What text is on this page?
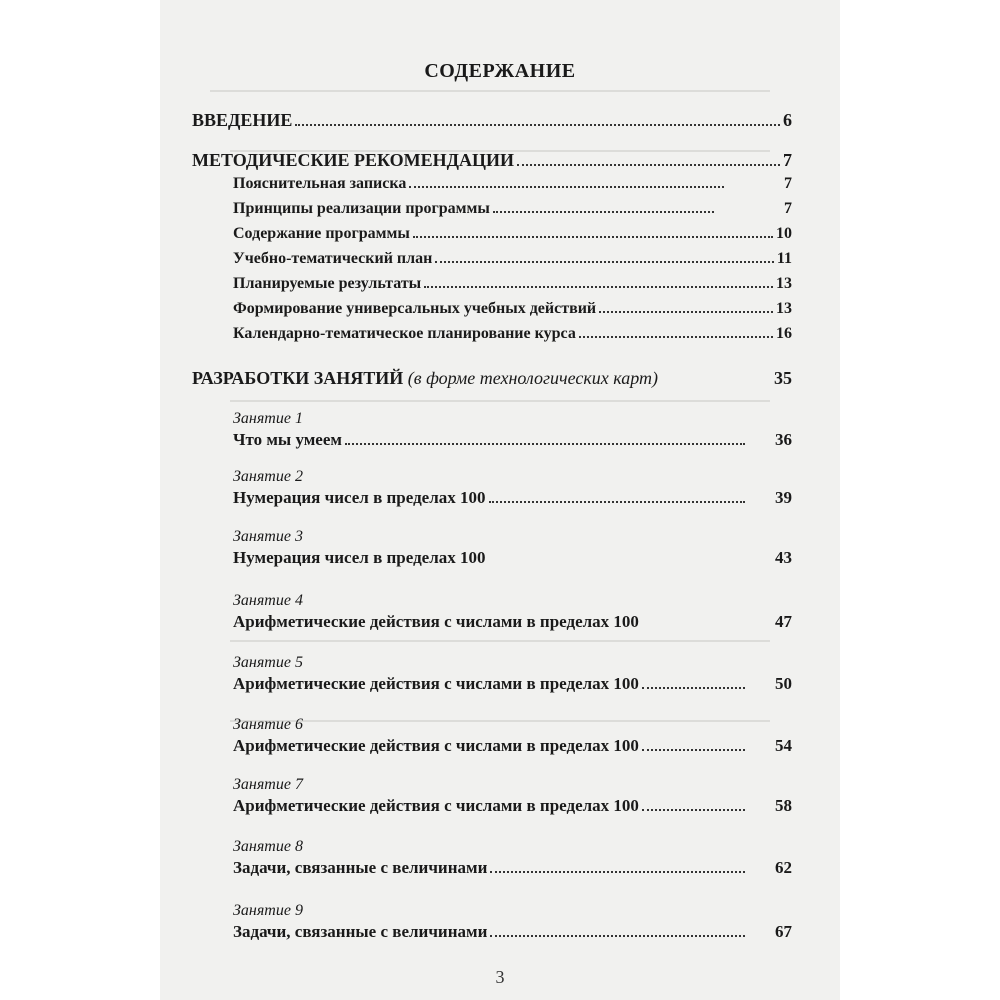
СОДЕРЖАНИЕ
ВВЕДЕНИЕ	6
МЕТОДИЧЕСКИЕ РЕКОМЕНДАЦИИ	7
Пояснительная записка	7
Принципы реализации программы	7
Содержание программы	10
Учебно-тематический план	11
Планируемые результаты	13
Формирование универсальных учебных действий	13
Календарно-тематическое планирование курса	16
РАЗРАБОТКИ ЗАНЯТИЙ (в форме технологических карт)	35
Занятие 1
Что мы умеем	36
Занятие 2
Нумерация чисел в пределах 100	39
Занятие 3
Нумерация чисел в пределах 100	43
Занятие 4
Арифметические действия с числами в пределах 100	47
Занятие 5
Арифметические действия с числами в пределах 100	50
Занятие 6
Арифметические действия с числами в пределах 100	54
Занятие 7
Арифметические действия с числами в пределах 100	58
Занятие 8
Задачи, связанные с величинами	62
Занятие 9
Задачи, связанные с величинами	67
3
